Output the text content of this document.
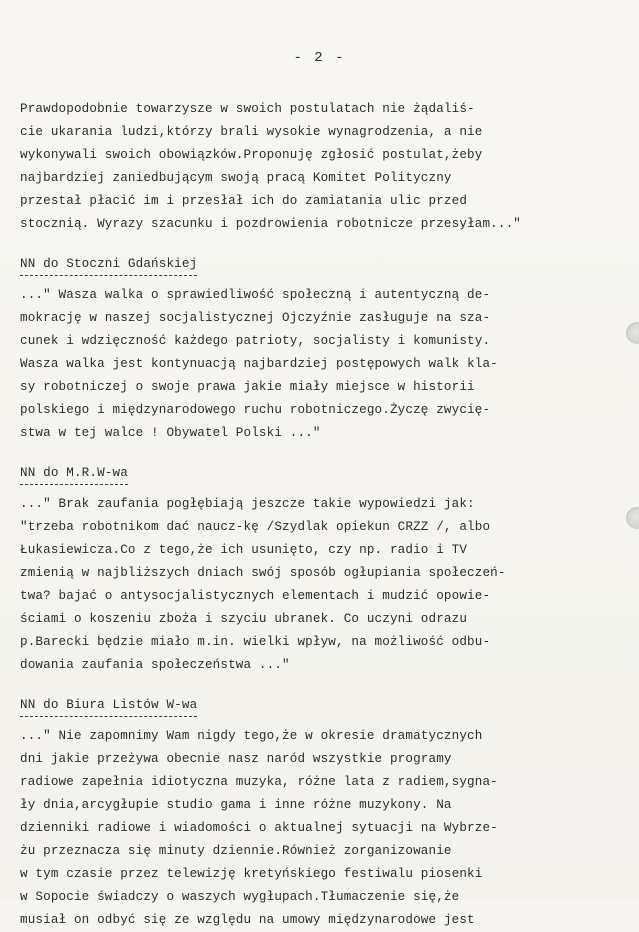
- 2 -
Prawdopodobnie towarzysze w swoich postulatach nie żądaliś-
cie ukarania ludzi,którzy brali wysokie wynagrodzenia, a nie
wykonywali swoich obowiązków.Proponuję zgłosić postulat,żeby
najbardziej zaniedbującym swoją pracą Komitet Polityczny
przestał płacić im i przesłał ich do zamiatania ulic przed
stocznią. Wyrazy szacunku i pozdrowienia robotnicze przesyłam..."
NN do Stoczni Gdańskiej
..." Wasza walka o sprawiedliwość społeczną i autentyczną de-
mokrację w naszej socjalistycznej Ojczyźnie zasługuje na sza-
cunek i wdzięczność każdego patrioty, socjalisty i komunisty.
Wasza walka jest kontynuacją najbardziej postępowych walk kla-
sy robotniczej o swoje prawa jakie miały miejsce w historii
polskiego i międzynarodowego ruchu robotniczego.Życzę zwycię-
stwa w tej walce ! Obywatel Polski ..."
NN do M.R.W-wa
..." Brak zaufania pogłębiają jeszcze takie wypowiedzi jak:
"trzeba robotnikom dać naucz-kę /Szydlak opiekun CRZZ /, albo
Łukasiewicza.Co z tego,że ich usunięto, czy np. radio i TV
zmienią w najbliższych dniach swój sposób ogłupiania społeczeń-
twa? bajać o antysocjalistycznych elementach i mudzić opowie-
ściami o koszeniu zboża i szyciu ubranek. Co uczyni odrazu
p.Barecki będzie miało m.in. wielki wpływ, na możliwość odbu-
dowania zaufania społeczeństwa ..."
NN do Biura Listów W-wa
..." Nie zapomnimy Wam nigdy tego,że w okresie dramatycznych
dni jakie przeżywa obecnie nasz naród wszystkie programy
radiowe zapełnia idiotyczna muzyka, różne lata z radiem,sygna-
ły dnia,arcygłupie studio gama i inne różne muzykony. Na
dzienniki radiowe i wiadomości o aktualnej sytuacji na Wybrze-
żu przeznacza się minuty dziennie.Również zorganizowanie
w tym czasie przez telewizję kretyńskiego festiwalu piosenki
w Sopocie świadczy o waszych wygłupach.Tłumaczenie się,że
musiał on odbyć się ze względu na umowy międzynarodowe jest
